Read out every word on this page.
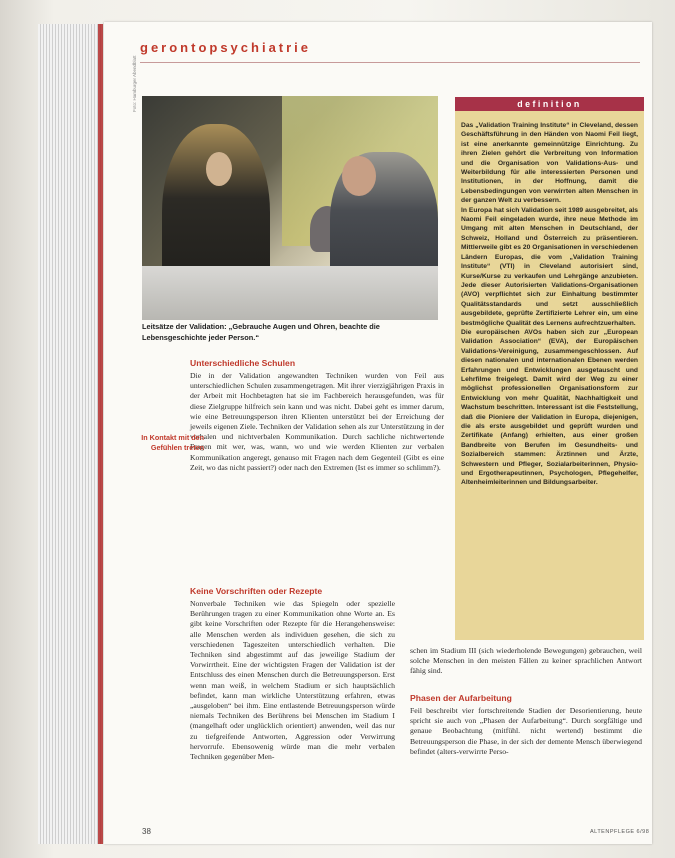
gerontopsychiatrie
Foto: Hamburger Abendblatt
Leitsätze der Validation: „Gebrauche Augen und Ohren, beachte die Lebensgeschichte jeder Person.“
Unterschiedliche Schulen

Die in der Validation angewandten Techniken wurden von Feil aus unterschiedlichen Schulen zusammengetragen. Mit ihrer vierzigjährigen Praxis in der Arbeit mit Hochbetagten hat sie im Fachbereich herausgefunden, was für diese Zielgruppe hilfreich sein kann und was nicht. Dabei geht es immer darum, wie eine Betreuungsperson ihren Klienten unterstützt bei der Erreichung der jeweils eigenen Ziele. Techniken der Validation sehen als zur Unterstützung in der verbalen und nichtverbalen Kommunikation. Durch sachliche nichtwertende Fragen mit wer, was, wann, wo und wie werden Klienten zur verbalen Kommunikation angeregt, genauso mit Fragen nach dem Gegenteil (Gibt es eine Zeit, wo das nicht passiert?) oder nach den Extremen (Ist es immer so schlimm?).

In Kontakt mit den Gefühlen treten
Keine Vorschriften oder Rezepte

Nonverbale Techniken wie das Spiegeln oder spezielle Berührungen tragen zu einer Kommunikation ohne Worte an. Es gibt keine Vorschriften oder Rezepte für die Herangehensweise: alle Menschen werden als individuen gesehen, die sich zu verschiedenen Tageszeiten unterschiedlich verhalten. Die Techniken sind abgestimmt auf das jeweilige Stadium der Vorwirrtheit. Eine der wichtigsten Fragen der Validation ist der Entschluss des einen Menschen durch die Betreuungsperson. Erst wenn man weiß, in welchem Stadium er sich hauptsächlich befindet, kann man wirkliche Unterstützung erfahren, etwas „ausgeloben“ bei ihm. Eine entlastende Betreuungsperson würde niemals Techniken des Berührens bei Menschen im Stadium I (mangelhaft oder unglücklich orientiert) anwenden, weil das nur zu tiefgreifende Antworten, Aggression oder Verwirrung hervorrufe. Ebensowenig würde man die mehr verbalen Techniken gegenüber Men-

schen im Stadium III (sich wiederholende Bewegungen) gebrauchen, weil solche Menschen in den meisten Fällen zu keiner sprachlichen Antwort fähig sind.

Phasen der Aufarbeitung

Feil beschreibt vier fortschreitende Stadien der Desorientierung, heute spricht sie auch von „Phasen der Aufarbeitung“. Durch sorgfältige und genaue Beobachtung (mitfühl. nicht wertend) bestimmt die Betreuungsperson die Phase, in der sich der demente Mensch überwiegend befindet (alters-verwirrte Perso-

definition

Das „Validation Training Institute“ in Cleveland, dessen Geschäftsführung in den Händen von Naomi Feil liegt, ist eine anerkannte gemeinnützige Einrichtung. Zu ihren Zielen gehört die Verbreitung von Information und die Organisation von Validations-Aus- und Weiterbildung für alle interessierten Personen und Institutionen, in der Hoffnung, damit die Lebensbedingungen von verwirrten alten Menschen in der ganzen Welt zu verbessern.

In Europa hat sich Validation seit 1989 ausgebreitet, als Naomi Feil eingeladen wurde, ihre neue Methode im Umgang mit alten Menschen in Deutschland, der Schweiz, Holland und Österreich zu präsentieren. Mittlerweile gibt es 20 Organisationen in verschiedenen Ländern Europas, die vom „Validation Training Institute“ (VTI) in Cleveland autorisiert sind, Kurse/Kurse zu verkaufen und Lehrgänge anzubieten. Jede dieser Autorisierten Validations-Organisationen (AVO) verpflichtet sich zur Einhaltung bestimmter Qualitätsstandards und setzt ausschließlich ausgebildete, geprüfte Zertifizierte Lehrer ein, um eine bestmögliche Qualität des Lernens aufrechtzuerhalten.

Die europäischen AVOs haben sich zur „European Validation Association“ (EVA), der Europäischen Validations-Vereinigung, zusammengeschlossen. Auf diesen nationalen und internationalen Ebenen werden Erfahrungen und Entwicklungen ausgetauscht und Lehrfilme freigelegt. Damit wird der Weg zu einer möglichst professionellen Organisationsform zur Entwicklung von mehr Qualität, Nachhaltigkeit und Wachstum beschritten. Interessant ist die Feststellung, daß die Pioniere der Validation in Europa, diejenigen, die als erste ausgebildet und geprüft wurden und Zertifikate (Anfang) erhielten, aus einer großen Bandbreite von Berufen im Gesundheits- und Sozialbereich stammen: Ärztinnen und Ärzte, Schwestern und Pfleger, Sozialarbeiterinnen, Physio- und Ergotherapeutinnen, Psychologen, Pflegehelfer, Altenheimleiterinnen und Bildungsarbeiter.

38	ALTENPFLEGE 6/98
